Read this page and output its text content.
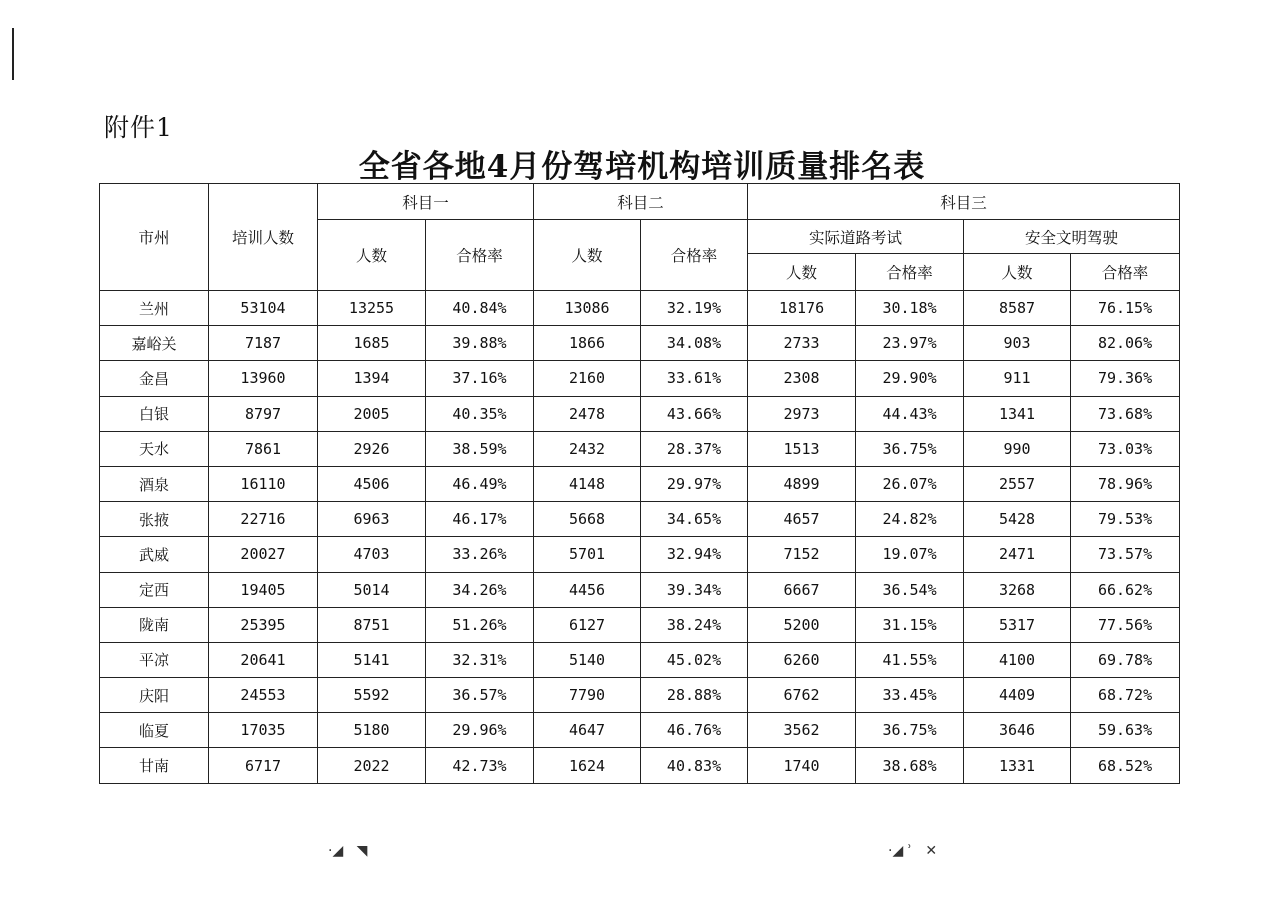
附件1
全省各地4月份驾培机构培训质量排名表
市州	培训人数	科目一		科目二		科目三			
		人数	合格率	人数	合格率	实际道路考试		安全文明驾驶	
						人数	合格率	人数	合格率
兰州	53104	13255	40.84%	13086	32.19%	18176	30.18%	8587	76.15%
嘉峪关	7187	1685	39.88%	1866	34.08%	2733	23.97%	903	82.06%
金昌	13960	1394	37.16%	2160	33.61%	2308	29.90%	911	79.36%
白银	8797	2005	40.35%	2478	43.66%	2973	44.43%	1341	73.68%
天水	7861	2926	38.59%	2432	28.37%	1513	36.75%	990	73.03%
酒泉	16110	4506	46.49%	4148	29.97%	4899	26.07%	2557	78.96%
张掖	22716	6963	46.17%	5668	34.65%	4657	24.82%	5428	79.53%
武威	20027	4703	33.26%	5701	32.94%	7152	19.07%	2471	73.57%
定西	19405	5014	34.26%	4456	39.34%	6667	36.54%	3268	66.62%
陇南	25395	8751	51.26%	6127	38.24%	5200	31.15%	5317	77.56%
平凉	20641	5141	32.31%	5140	45.02%	6260	41.55%	4100	69.78%
庆阳	24553	5592	36.57%	7790	28.88%	6762	33.45%	4409	68.72%
临夏	17035	5180	29.96%	4647	46.76%	3562	36.75%	3646	59.63%
甘南	6717	2022	42.73%	1624	40.83%	1740	38.68%	1331	68.52%
·◢   ◥	·◢ ʾ   ✕
